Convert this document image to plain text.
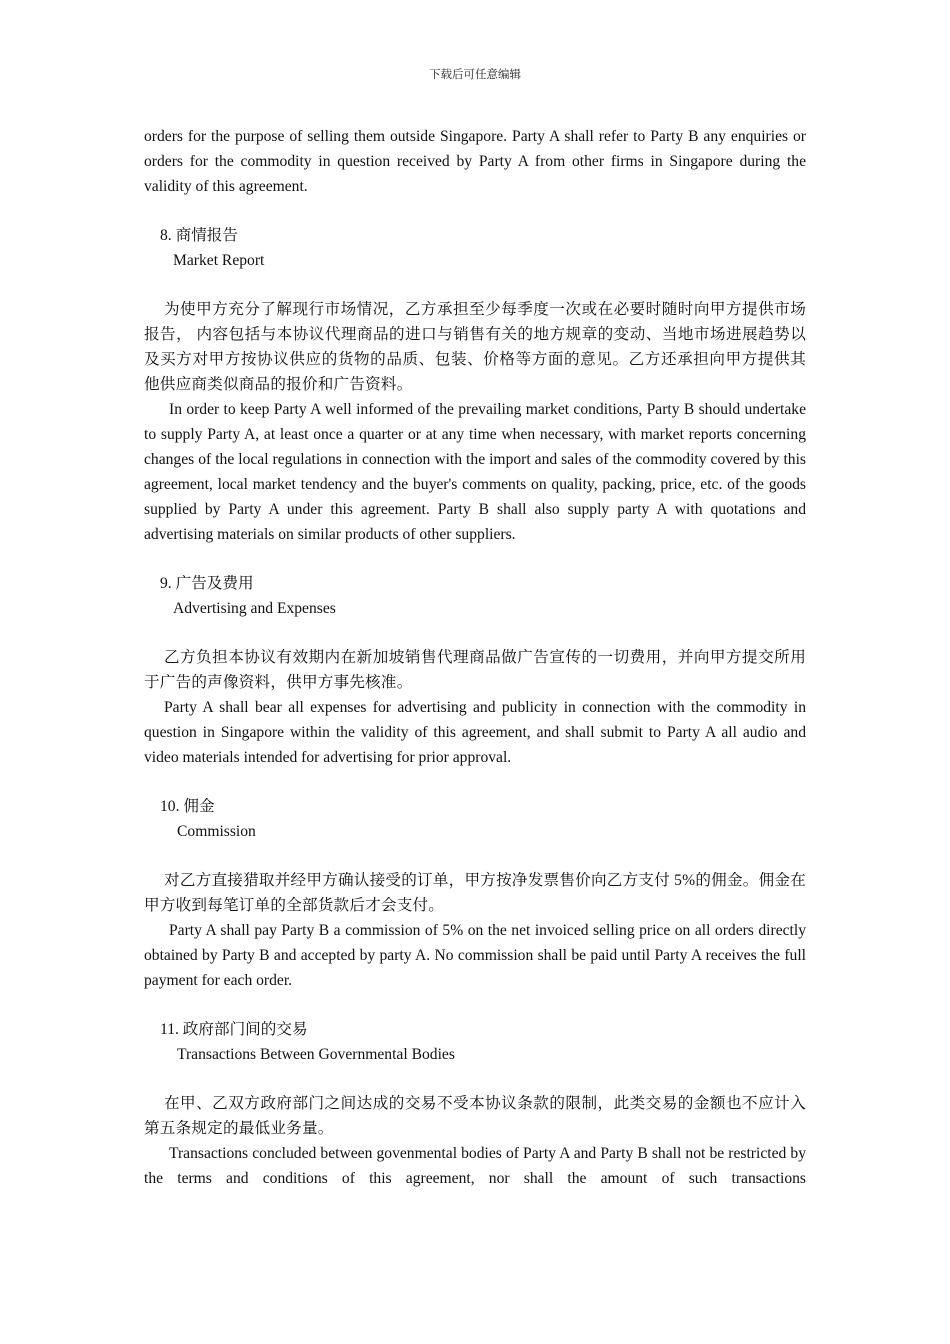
下载后可任意编辑

orders for the purpose of selling them outside Singapore. Party A shall refer to Party B any enquiries or orders for the commodity in question received by Party A from other firms in Singapore during the validity of this agreement.

8. 商情报告

Market Report

为使甲方充分了解现行市场情况，乙方承担至少每季度一次或在必要时随时向甲方提供市场报告， 内容包括与本协议代理商品的进口与销售有关的地方规章的变动、当地市场进展趋势以及买方对甲方按协议供应的货物的品质、包装、价格等方面的意见。乙方还承担向甲方提供其他供应商类似商品的报价和广告资料。

In order to keep Party A well informed of the prevailing market conditions, Party B should undertake to supply Party A, at least once a quarter or at any time when necessary, with market reports concerning changes of the local regulations in connection with the import and sales of the commodity covered by this agreement, local market tendency and the buyer's comments on quality, packing, price, etc. of the goods supplied by Party A under this agreement. Party B shall also supply party A with quotations and advertising materials on similar products of other suppliers.

9. 广告及费用

Advertising and Expenses

乙方负担本协议有效期内在新加坡销售代理商品做广告宣传的一切费用，并向甲方提交所用于广告的声像资料，供甲方事先核准。

Party A shall bear all expenses for advertising and publicity in connection with the commodity in question in Singapore within the validity of this agreement, and shall submit to Party A all audio and video materials intended for advertising for prior approval.

10. 佣金

Commission

对乙方直接猎取并经甲方确认接受的订单，甲方按净发票售价向乙方支付 5%的佣金。佣金在甲方收到每笔订单的全部货款后才会支付。

Party A shall pay Party B a commission of 5% on the net invoiced selling price on all orders directly obtained by Party B and accepted by party A. No commission shall be paid until Party A receives the full payment for each order.

11. 政府部门间的交易

Transactions Between Governmental Bodies

在甲、乙双方政府部门之间达成的交易不受本协议条款的限制，此类交易的金额也不应计入第五条规定的最低业务量。

Transactions concluded between govenmental bodies of Party A and Party B shall not be restricted by the terms and conditions of this agreement, nor shall the amount of such transactions
